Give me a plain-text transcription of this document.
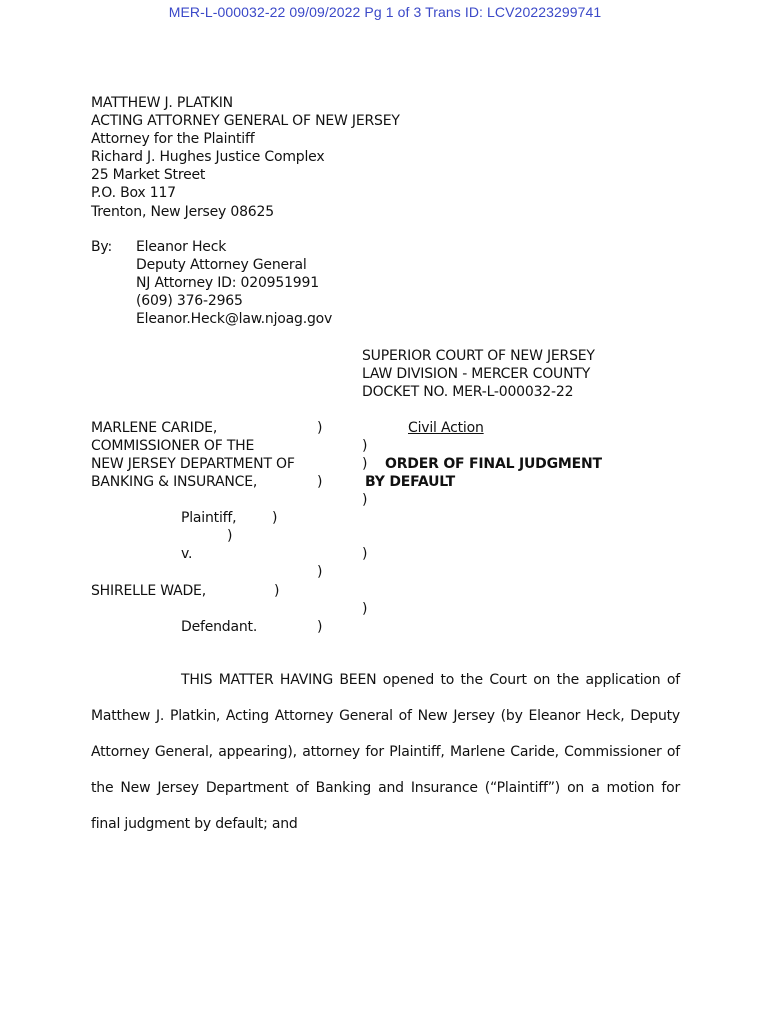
MER-L-000032-22 09/09/2022 Pg 1 of 3 Trans ID: LCV20223299741
MATTHEW J. PLATKIN
ACTING ATTORNEY GENERAL OF NEW JERSEY
Attorney for the Plaintiff
Richard J. Hughes Justice Complex
25 Market Street
P.O. Box 117
Trenton, New Jersey 08625
By: Eleanor Heck
Deputy Attorney General
NJ Attorney ID: 020951991
(609) 376-2965
Eleanor.Heck@law.njoag.gov
SUPERIOR COURT OF NEW JERSEY
LAW DIVISION - MERCER COUNTY
DOCKET NO. MER-L-000032-22
MARLENE CARIDE,
COMMISSIONER OF THE
NEW JERSEY DEPARTMENT OF
BANKING & INSURANCE,
Plaintiff,
v.
SHIRELLE WADE,
Defendant.
)
)
)
)
)
)
)
)
)
)
)
)
Civil Action
ORDER OF FINAL JUDGMENT
BY DEFAULT

THIS MATTER HAVING BEEN opened to the Court on the application of Matthew J. Platkin, Acting Attorney General of New Jersey (by Eleanor Heck, Deputy Attorney General, appearing), attorney for Plaintiff, Marlene Caride, Commissioner of the New Jersey Department of Banking and Insurance (“Plaintiff”) on a motion for final judgment by default; and
